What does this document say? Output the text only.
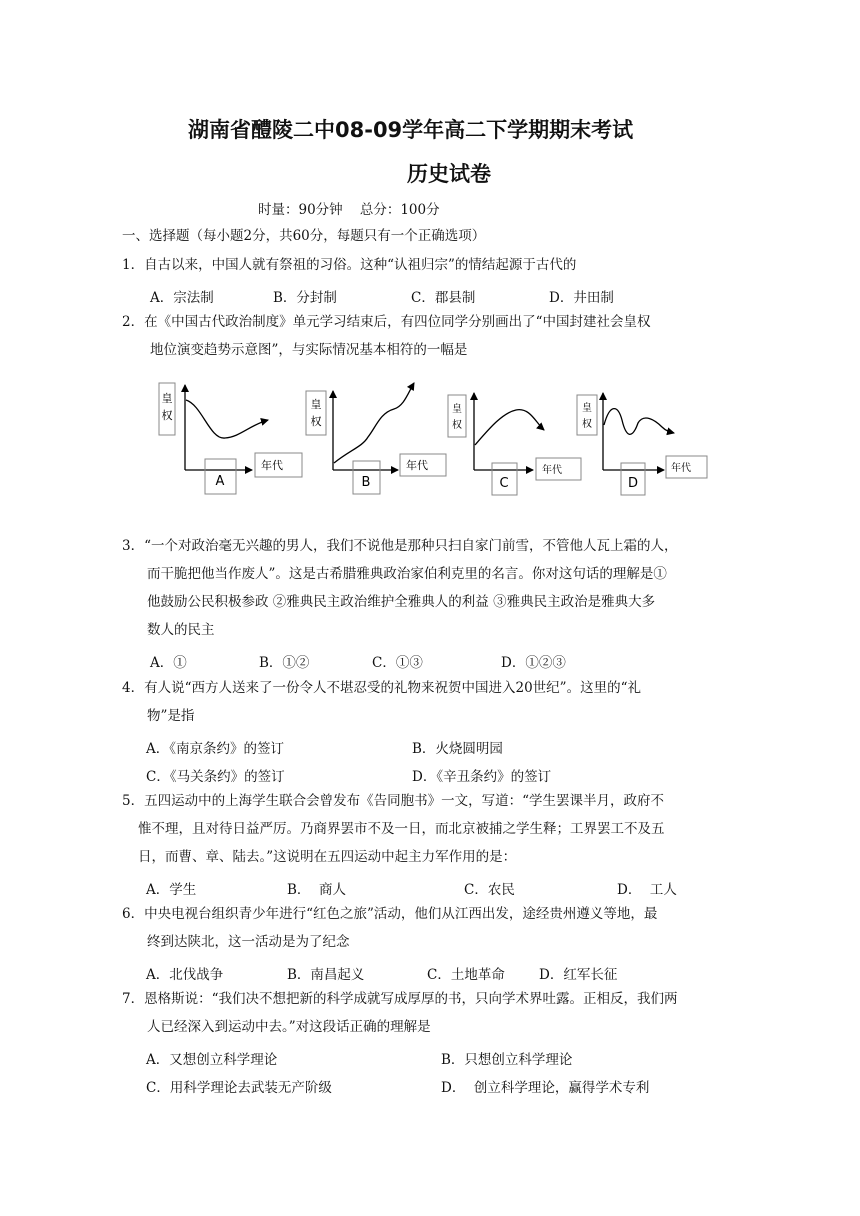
湖南省醴陵二中08-09学年高二下学期期末考试
历史试卷
时量：90分钟    总分：100分
一、选择题（每小题2分，共60分，每题只有一个正确选项）
1．自古以来，中国人就有祭祖的习俗。这种“认祖归宗”的情结起源于古代的
A．宗法制	B．分封制	C．郡县制	D．井田制
2．在《中国古代政治制度》单元学习结束后，有四位同学分别画出了“中国封建社会皇权
地位演变趋势示意图”，与实际情况基本相符的一幅是
皇
权
年代
A
皇
权
年代
B
皇
权
年代
C
皇
权
年代
D
3．“一个对政治毫无兴趣的男人，我们不说他是那种只扫自家门前雪，不管他人瓦上霜的人，
而干脆把他当作废人”。这是古希腊雅典政治家伯利克里的名言。你对这句话的理解是①
他鼓励公民积极参政 ②雅典民主政治维护全雅典人的利益 ③雅典民主政治是雅典大多
数人的民主
A．①	B．①②	C．①③	D．①②③
4．有人说“西方人送来了一份令人不堪忍受的礼物来祝贺中国进入20世纪”。这里的“礼
物”是指
A．《南京条约》的签订	B．火烧圆明园
C．《马关条约》的签订	D．《辛丑条约》的签订
5．五四运动中的上海学生联合会曾发布《告同胞书》一文，写道：“学生罢课半月，政府不
惟不理，且对待日益严厉。乃商界罢市不及一日，而北京被捕之学生释；工界罢工不及五
日，而曹、章、陆去。”这说明在五四运动中起主力军作用的是：
A．学生	B．  商人	C．农民	D．  工人
6．中央电视台组织青少年进行“红色之旅”活动，他们从江西出发，途经贵州遵义等地，最
终到达陕北，这一活动是为了纪念
A．北伐战争	B．南昌起义	C．土地革命	D．红军长征
7．恩格斯说：“我们决不想把新的科学成就写成厚厚的书，只向学术界吐露。正相反，我们两
人已经深入到运动中去。”对这段话正确的理解是
A．又想创立科学理论	B．只想创立科学理论
C．用科学理论去武装无产阶级	D．  创立科学理论，赢得学术专利
